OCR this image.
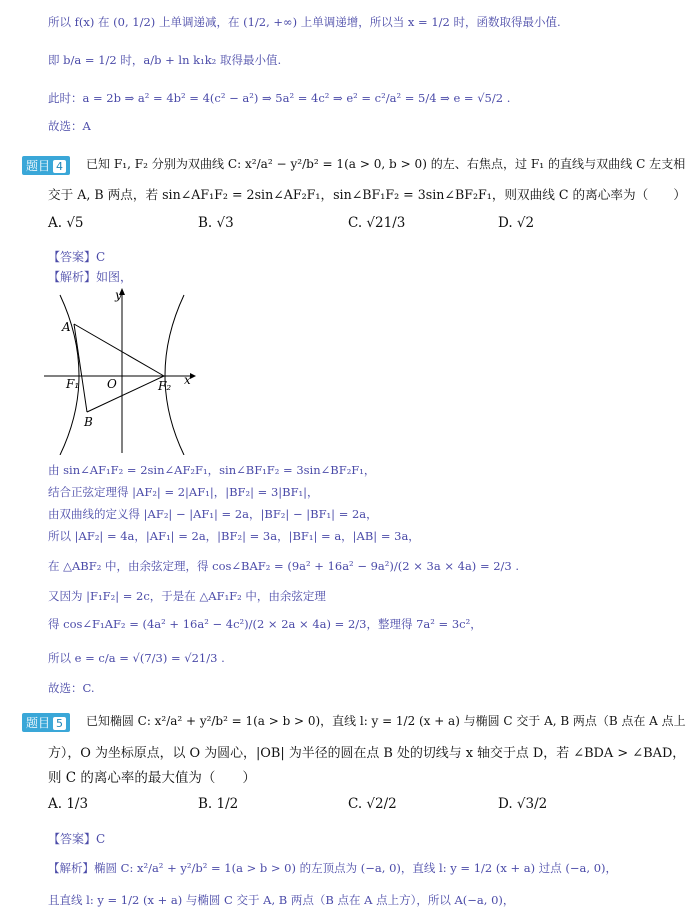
所以 f(x) 在 (0, 1/2) 上单调递减，在 (1/2, +∞) 上单调递增，所以当 x = 1/2 时，函数取得最小值.
即 b/a = 1/2 时，a/b + ln k₁k₂ 取得最小值.
此时：a = 2b ⇒ a² = 4b² = 4(c² − a²) ⇒ 5a² = 4c² ⇒ e² = c²/a² = 5/4 ⇒ e = √5/2 .
故选：A
题目 4	已知 F₁, F₂ 分别为双曲线 C: x²/a² − y²/b² = 1(a > 0, b > 0) 的左、右焦点，过 F₁ 的直线与双曲线 C 左支相
交于 A, B 两点，若 sin∠AF₁F₂ = 2sin∠AF₂F₁，sin∠BF₁F₂ = 3sin∠BF₂F₁，则双曲线 C 的离心率为（　　）
A. √5	B. √3	C. √21/3	D. √2
【答案】C
【解析】如图，
y
x
A
B
O
F₁	F₂
由 sin∠AF₁F₂ = 2sin∠AF₂F₁，sin∠BF₁F₂ = 3sin∠BF₂F₁，
结合正弦定理得 |AF₂| = 2|AF₁|，|BF₂| = 3|BF₁|，
由双曲线的定义得 |AF₂| − |AF₁| = 2a，|BF₂| − |BF₁| = 2a，
所以 |AF₂| = 4a，|AF₁| = 2a，|BF₂| = 3a，|BF₁| = a，|AB| = 3a，
在 △ABF₂ 中，由余弦定理，得 cos∠BAF₂ = (9a² + 16a² − 9a²)/(2 × 3a × 4a) = 2/3 .
又因为 |F₁F₂| = 2c，于是在 △AF₁F₂ 中，由余弦定理
得 cos∠F₁AF₂ = (4a² + 16a² − 4c²)/(2 × 2a × 4a) = 2/3，整理得 7a² = 3c²，
所以 e = c/a = √(7/3) = √21/3 .
故选：C.
题目 5	已知椭圆 C: x²/a² + y²/b² = 1(a > b > 0)，直线 l: y = 1/2 (x + a) 与椭圆 C 交于 A, B 两点（B 点在 A 点上
方），O 为坐标原点，以 O 为圆心，|OB| 为半径的圆在点 B 处的切线与 x 轴交于点 D，若 ∠BDA > ∠BAD，
则 C 的离心率的最大值为（　　）
A. 1/3	B. 1/2	C. √2/2	D. √3/2
【答案】C
【解析】椭圆 C: x²/a² + y²/b² = 1(a > b > 0) 的左顶点为 (−a, 0)，直线 l: y = 1/2 (x + a) 过点 (−a, 0)，
且直线 l: y = 1/2 (x + a) 与椭圆 C 交于 A, B 两点（B 点在 A 点上方），所以 A(−a, 0)，
